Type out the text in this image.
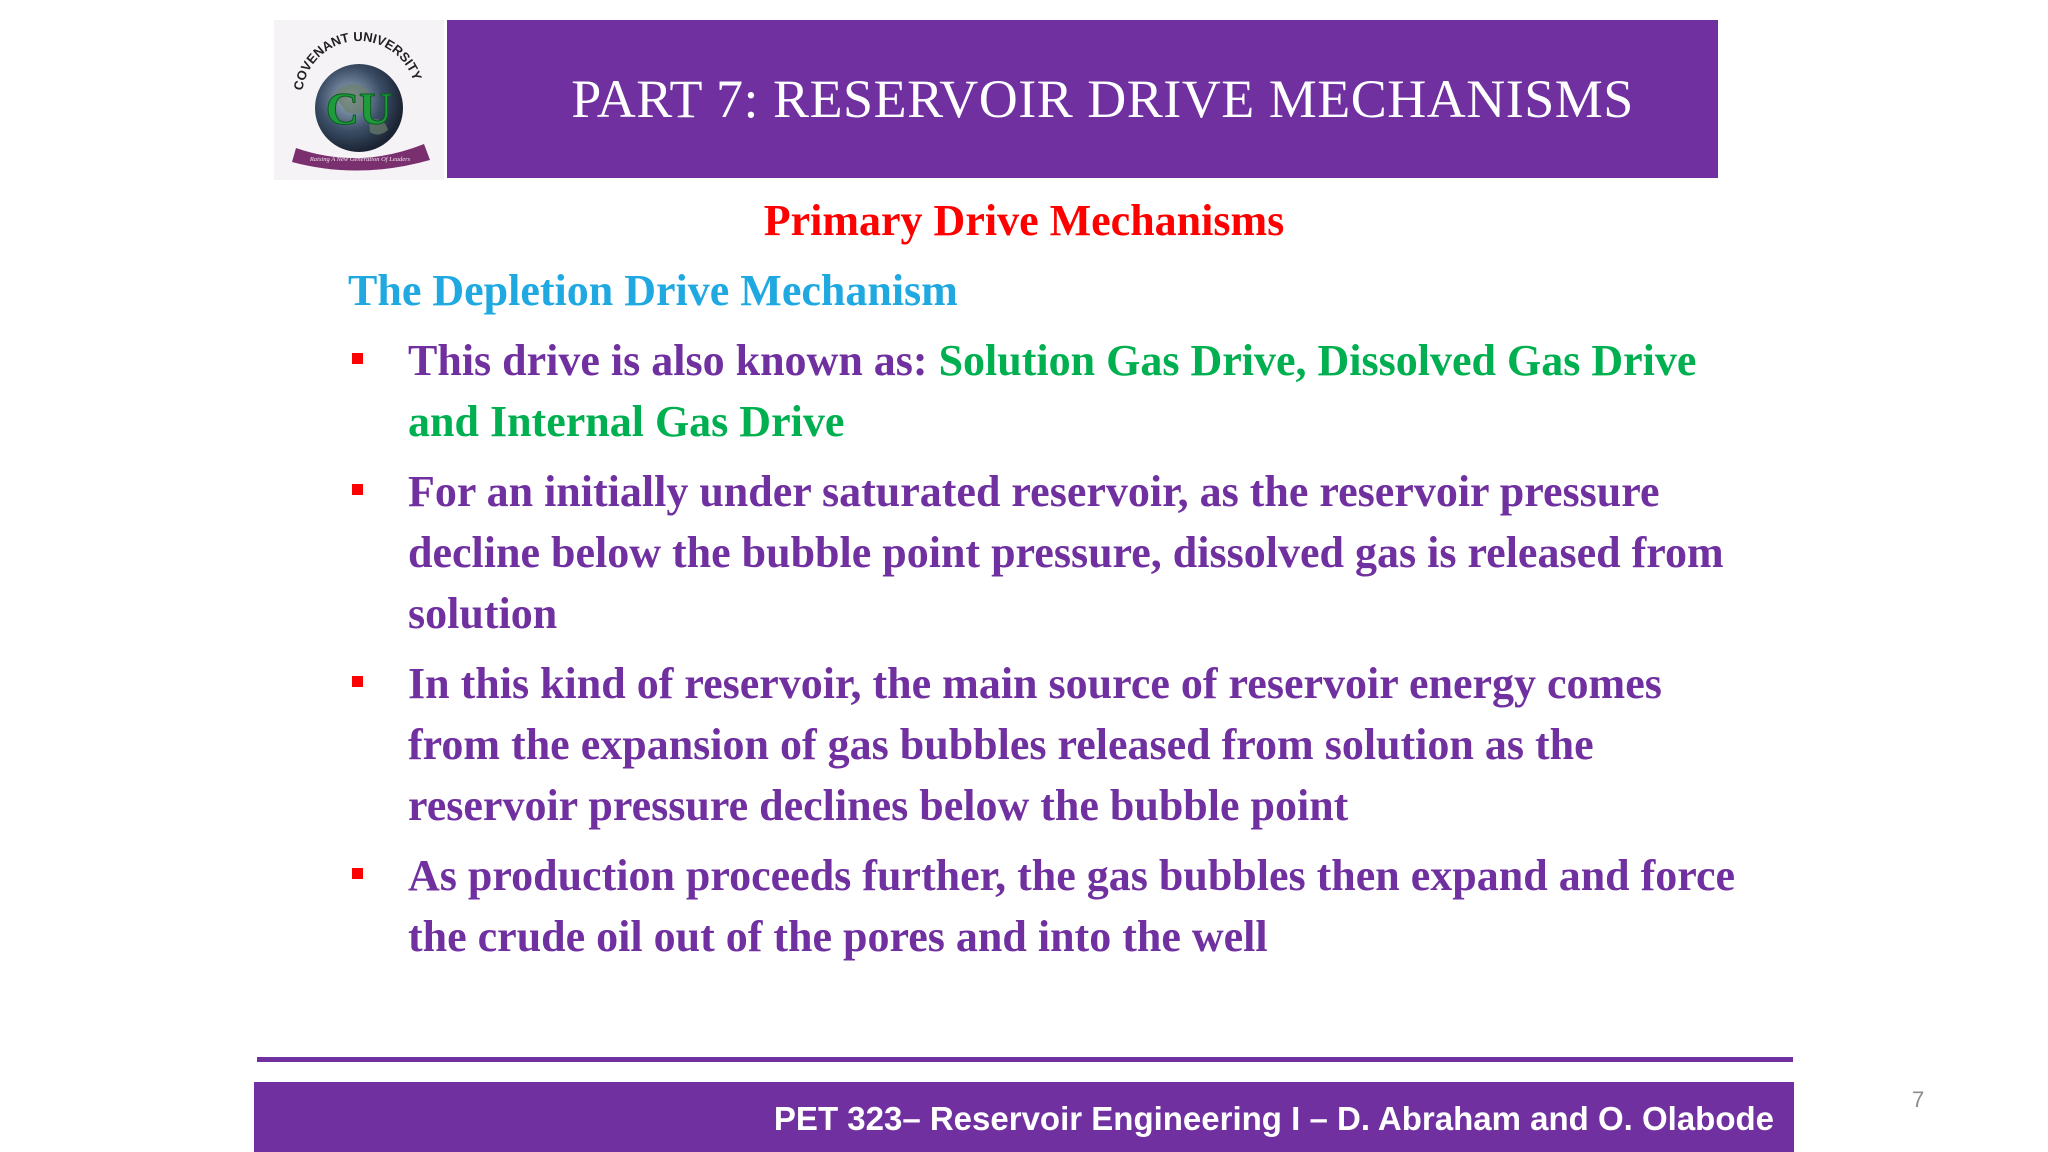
COVENANT UNIVERSITY
CU
Raising A New Generation Of Leaders
PART 7: RESERVOIR DRIVE MECHANISMS
Primary Drive Mechanisms
The Depletion Drive Mechanism
This drive is also known as: Solution Gas Drive, Dissolved Gas Drive and Internal Gas Drive
For an initially under saturated reservoir, as the reservoir pressure decline below the bubble point pressure, dissolved gas is released from solution
In this kind of reservoir, the main source of reservoir energy comes from the expansion of gas bubbles released from solution as the reservoir pressure declines below the bubble point
As production proceeds further, the gas bubbles then expand and force the crude oil out of the pores and into the well
PET 323– Reservoir Engineering I – D. Abraham and O. Olabode
7
